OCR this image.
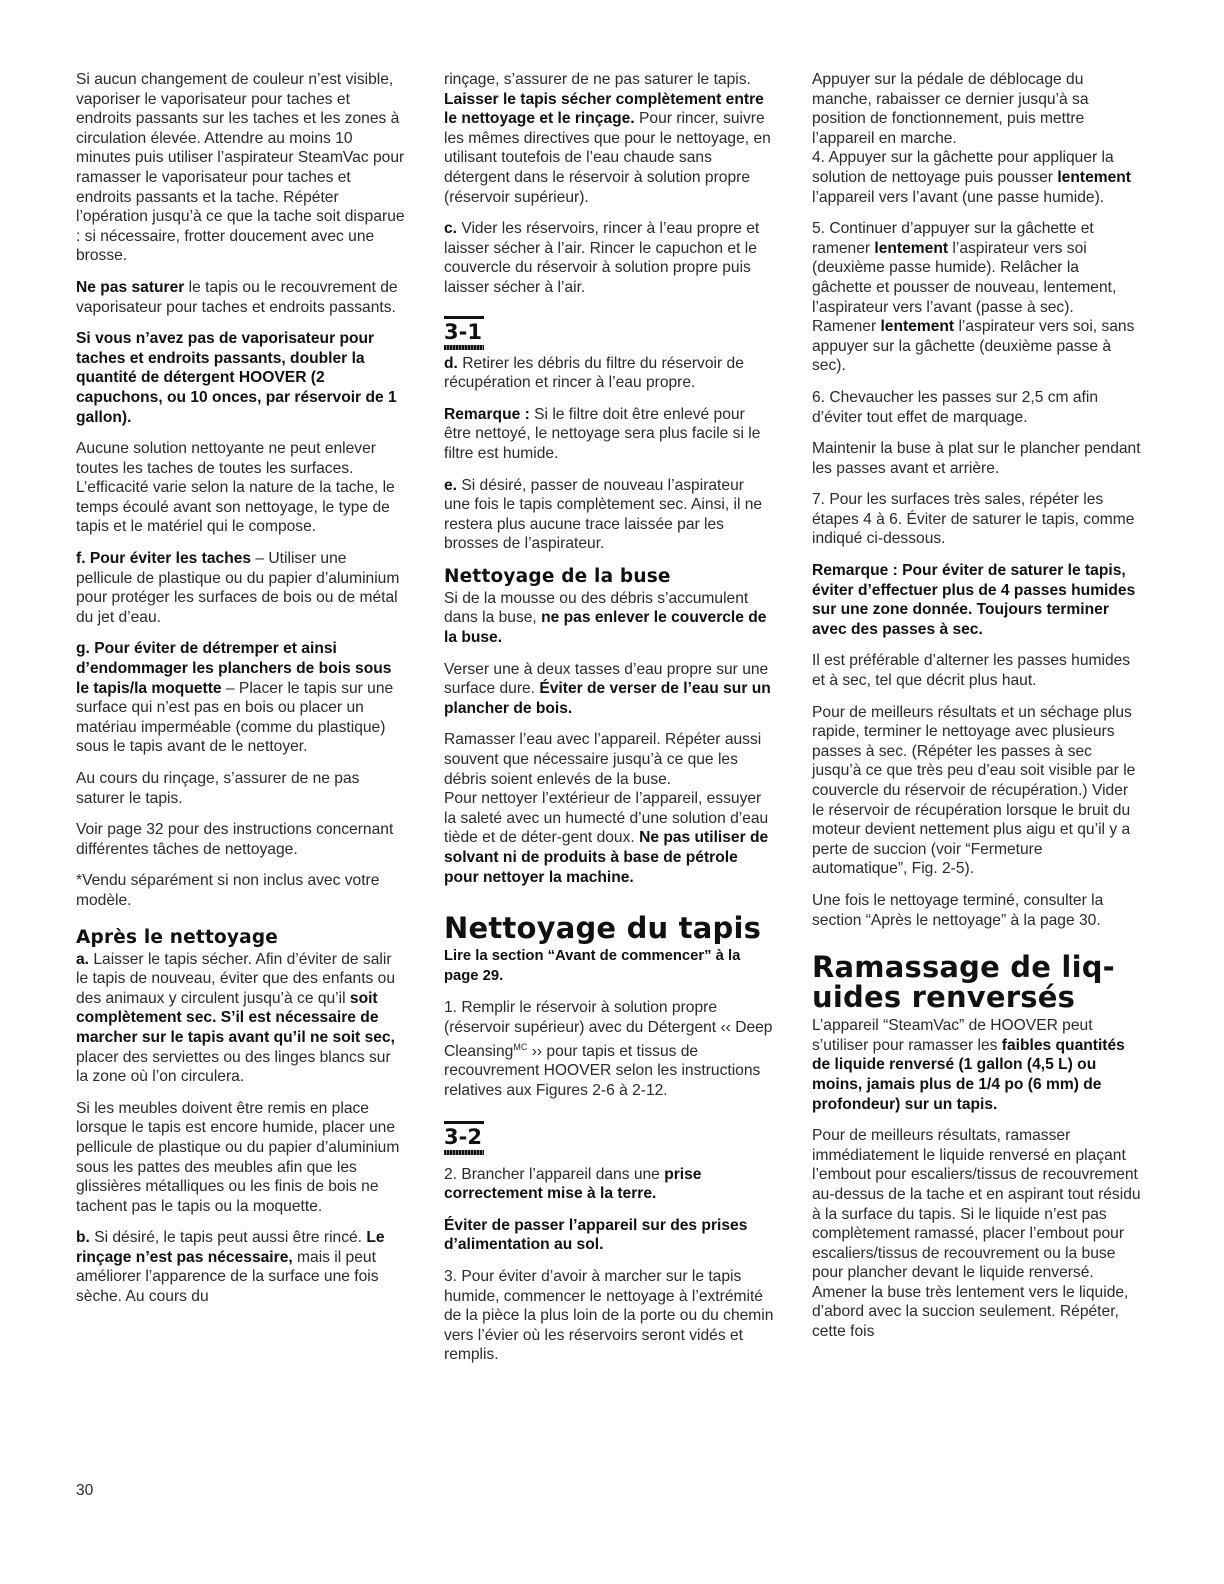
Si aucun changement de couleur n’est visible, vaporiser le vaporisateur pour taches et endroits passants sur les taches et les zones à circulation élevée. Attendre au moins 10 minutes puis utiliser l’aspirateur SteamVac pour ramasser le vaporisateur pour taches et endroits passants et la tache. Répéter l’opération jusqu’à ce que la tache soit disparue : si nécessaire, frotter doucement avec une brosse.

Ne pas saturer le tapis ou le recouvrement de vaporisateur pour taches et endroits passants.

Si vous n’avez pas de vaporisateur pour taches et endroits passants, doubler la quantité de détergent HOOVER (2 capuchons, ou 10 onces, par réservoir de 1 gallon).

Aucune solution nettoyante ne peut enlever toutes les taches de toutes les surfaces. L’efficacité varie selon la nature de la tache, le temps écoulé avant son nettoyage, le type de tapis et le matériel qui le compose.

f. Pour éviter les taches – Utiliser une pellicule de plastique ou du papier d’aluminium pour protéger les surfaces de bois ou de métal du jet d’eau.

g. Pour éviter de détremper et ainsi d’endommager les planchers de bois sous le tapis/la moquette – Placer le tapis sur une surface qui n’est pas en bois ou placer un matériau imperméable (comme du plastique) sous le tapis avant de le nettoyer.

Au cours du rinçage, s’assurer de ne pas saturer le tapis.

Voir page 32 pour des instructions concernant différentes tâches de nettoyage.

*Vendu séparément si non inclus avec votre modèle.

Après le nettoyage

a. Laisser le tapis sécher. Afin d’éviter de salir le tapis de nouveau, éviter que des enfants ou des animaux y circulent jusqu’à ce qu’il soit complètement sec. S’il est nécessaire de marcher sur le tapis avant qu’il ne soit sec, placer des serviettes ou des linges blancs sur la zone où l’on circulera.

Si les meubles doivent être remis en place lorsque le tapis est encore humide, placer une pellicule de plastique ou du papier d’aluminium sous les pattes des meubles afin que les glissières métalliques ou les finis de bois ne tachent pas le tapis ou la moquette.

b. Si désiré, le tapis peut aussi être rincé. Le rinçage n’est pas nécessaire, mais il peut améliorer l’apparence de la surface une fois sèche. Au cours du

rinçage, s’assurer de ne pas saturer le tapis. Laisser le tapis sécher complètement entre le nettoyage et le rinçage. Pour rincer, suivre les mêmes directives que pour le nettoyage, en utilisant toutefois de l’eau chaude sans détergent dans le réservoir à solution propre (réservoir supérieur).

c. Vider les réservoirs, rincer à l’eau propre et laisser sécher à l’air. Rincer le capuchon et le couvercle du réservoir à solution propre puis laisser sécher à l’air.

3-1

d. Retirer les débris du filtre du réservoir de récupération et rincer à l’eau propre.

Remarque : Si le filtre doit être enlevé pour être nettoyé, le nettoyage sera plus facile si le filtre est humide.

e. Si désiré, passer de nouveau l’aspirateur une fois le tapis complètement sec. Ainsi, il ne restera plus aucune trace laissée par les brosses de l’aspirateur.

Nettoyage de la buse

Si de la mousse ou des débris s’accumulent dans la buse, ne pas enlever le couvercle de la buse.

Verser une à deux tasses d’eau propre sur une surface dure. Éviter de verser de l’eau sur un plancher de bois.

Ramasser l’eau avec l’appareil. Répéter aussi souvent que nécessaire jusqu’à ce que les débris soient enlevés de la buse.

Pour nettoyer l’extérieur de l’appareil, essuyer la saleté avec un humecté d’une solution d’eau tiède et de déter-gent doux. Ne pas utiliser de solvant ni de produits à base de pétrole pour nettoyer la machine.

Nettoyage du tapis

Lire la section “Avant de commencer” à la page 29.

1. Remplir le réservoir à solution propre (réservoir supérieur) avec du Détergent ‹‹ Deep Cleansing$^{MC}$ ›› pour tapis et tissus de recouvrement HOOVER selon les instructions relatives aux Figures 2-6 à 2-12.

3-2

2. Brancher l’appareil dans une prise correctement mise à la terre.

Éviter de passer l’appareil sur des prises d’alimentation au sol.

3. Pour éviter d’avoir à marcher sur le tapis humide, commencer le nettoyage à l’extrémité de la pièce la plus loin de la porte ou du chemin vers l’évier où les réservoirs seront vidés et remplis.

Appuyer sur la pédale de déblocage du manche, rabaisser ce dernier jusqu’à sa position de fonctionnement, puis mettre l’appareil en marche.

4. Appuyer sur la gâchette pour appliquer la solution de nettoyage puis pousser lentement l’appareil vers l’avant (une passe humide).

5. Continuer d’appuyer sur la gâchette et ramener lentement l’aspirateur vers soi (deuxième passe humide). Relâcher la gâchette et pousser de nouveau, lentement, l’aspirateur vers l’avant (passe à sec). Ramener lentement l’aspirateur vers soi, sans appuyer sur la gâchette (deuxième passe à sec).

6. Chevaucher les passes sur 2,5 cm afin d’éviter tout effet de marquage.

Maintenir la buse à plat sur le plancher pendant les passes avant et arrière.

7. Pour les surfaces très sales, répéter les étapes 4 à 6. Éviter de saturer le tapis, comme indiqué ci-dessous.

Remarque : Pour éviter de saturer le tapis, éviter d’effectuer plus de 4 passes humides sur une zone donnée. Toujours terminer avec des passes à sec.

Il est préférable d’alterner les passes humides et à sec, tel que décrit plus haut.

Pour de meilleurs résultats et un séchage plus rapide, terminer le nettoyage avec plusieurs passes à sec. (Répéter les passes à sec jusqu’à ce que très peu d’eau soit visible par le couvercle du réservoir de récupération.) Vider le réservoir de récupération lorsque le bruit du moteur devient nettement plus aigu et qu’il y a perte de succion (voir “Fermeture automatique”, Fig. 2-5).

Une fois le nettoyage terminé, consulter la section “Après le nettoyage” à la page 30.

Ramassage de liq-uides renversés

L’appareil “SteamVac” de HOOVER peut s’utiliser pour ramasser les faibles quantités de liquide renversé (1 gallon (4,5 L) ou moins, jamais plus de 1/4 po (6 mm) de profondeur) sur un tapis.

Pour de meilleurs résultats, ramasser immédiatement le liquide renversé en plaçant l’embout pour escaliers/tissus de recouvrement au-dessus de la tache et en aspirant tout résidu à la surface du tapis. Si le liquide n’est pas complètement ramassé, placer l’embout pour escaliers/tissus de recouvrement ou la buse pour plancher devant le liquide renversé. Amener la buse très lentement vers le liquide, d’abord avec la succion seulement. Répéter, cette fois

30
